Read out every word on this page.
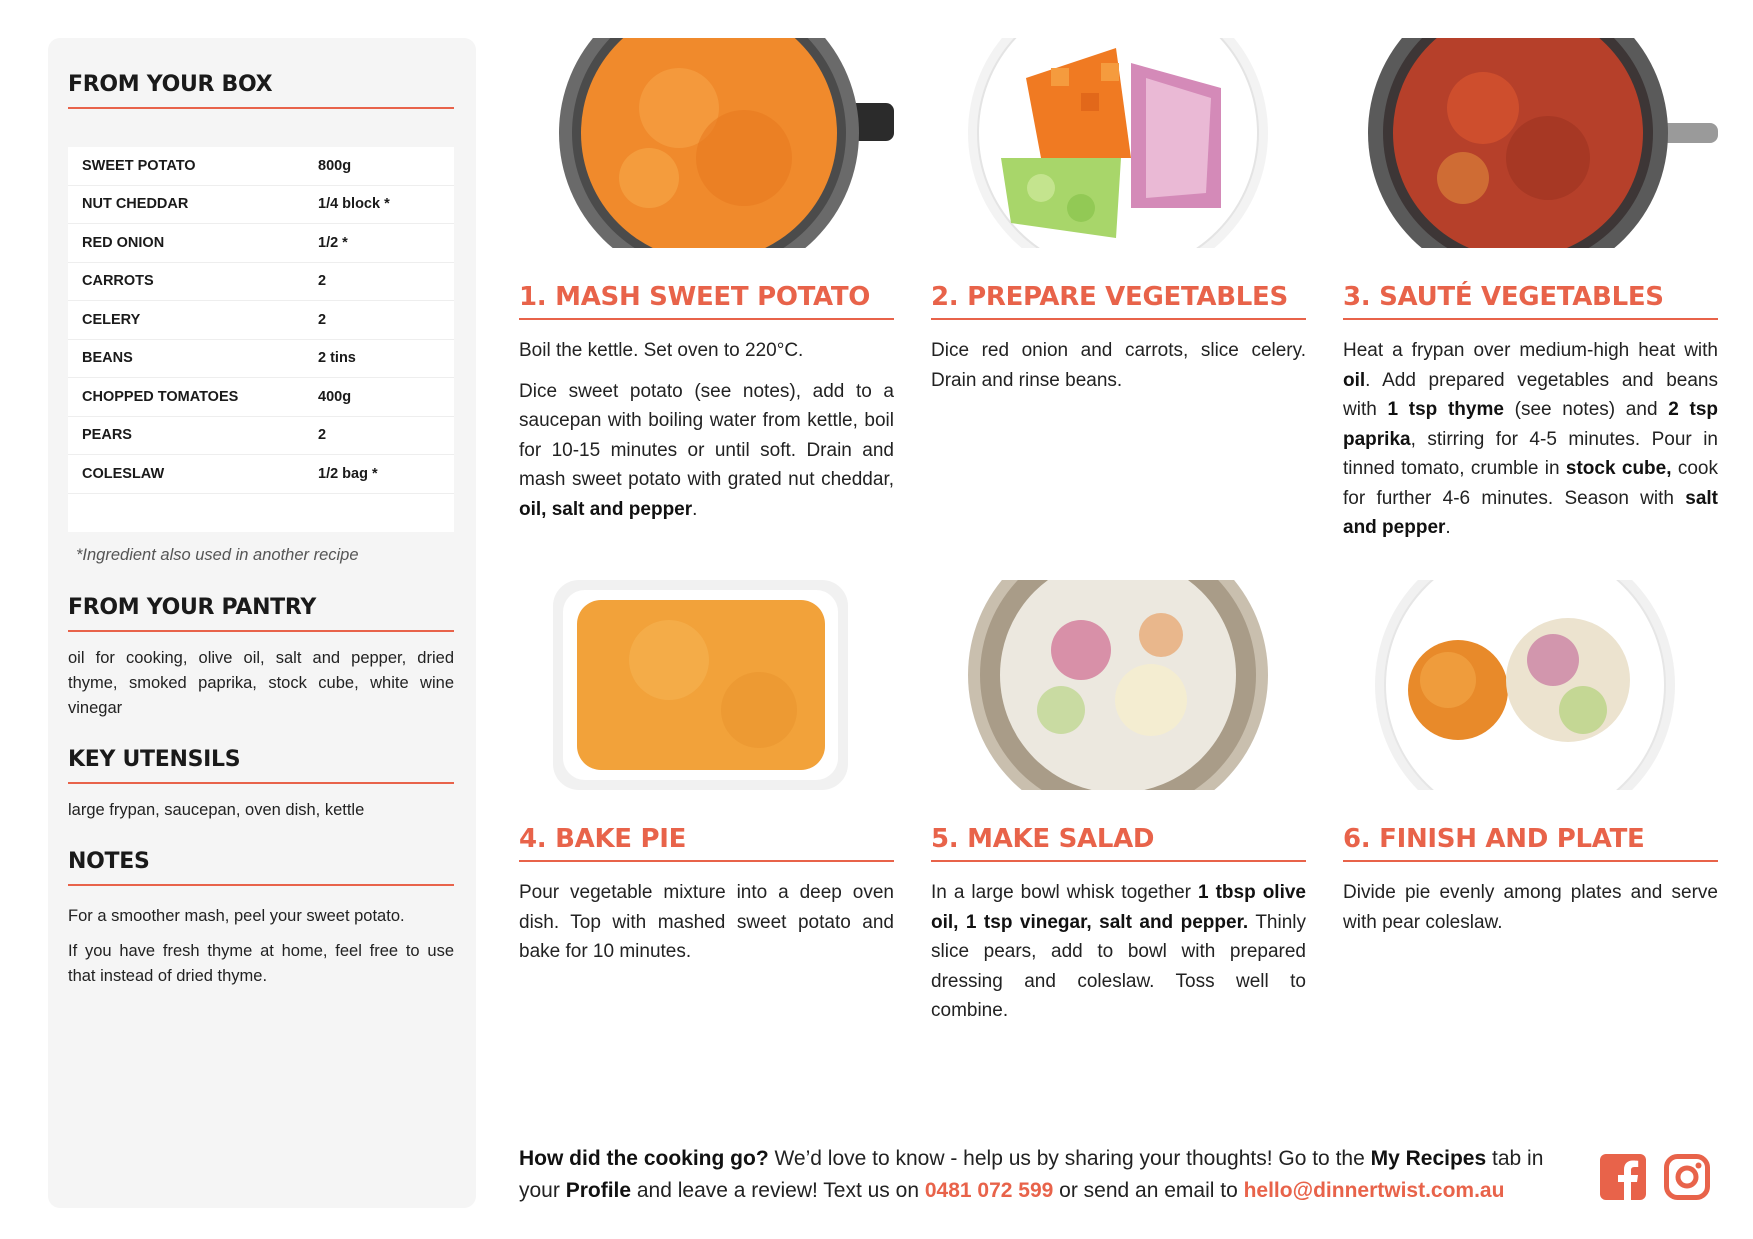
FROM YOUR BOX
SWEET POTATO	800g
NUT CHEDDAR	1/4 block *
RED ONION	1/2 *
CARROTS	2
CELERY	2
BEANS	2 tins
CHOPPED TOMATOES	400g
PEARS	2
COLESLAW	1/2 bag *

*Ingredient also used in another recipe

FROM YOUR PANTRY

oil for cooking, olive oil, salt and pepper, dried thyme, smoked paprika, stock cube, white wine vinegar

KEY UTENSILS

large frypan, saucepan, oven dish, kettle

NOTES

For a smoother mash, peel your sweet potato.

If you have fresh thyme at home, feel free to use that instead of dried thyme.

1. MASH SWEET POTATO

Boil the kettle. Set oven to 220°C.

Dice sweet potato (see notes), add to a saucepan with boiling water from kettle, boil for 10-15 minutes or until soft. Drain and mash sweet potato with grated nut cheddar, oil, salt and pepper.

2. PREPARE VEGETABLES

Dice red onion and carrots, slice celery. Drain and rinse beans.

3. SAUTÉ VEGETABLES

Heat a frypan over medium-high heat with oil. Add prepared vegetables and beans with 1 tsp thyme (see notes) and 2 tsp paprika, stirring for 4-5 minutes. Pour in tinned tomato, crumble in stock cube, cook for further 4-6 minutes. Season with salt and pepper.

4. BAKE PIE

Pour vegetable mixture into a deep oven dish. Top with mashed sweet potato and bake for 10 minutes.

5. MAKE SALAD

In a large bowl whisk together 1 tbsp olive oil, 1 tsp vinegar, salt and pepper. Thinly slice pears, add to bowl with prepared dressing and coleslaw. Toss well to combine.

6. FINISH AND PLATE

Divide pie evenly among plates and serve with pear coleslaw.

How did the cooking go? We’d love to know - help us by sharing your thoughts! Go to the My Recipes tab in your Profile and leave a review! Text us on 0481 072 599 or send an email to hello@dinnertwist.com.au
